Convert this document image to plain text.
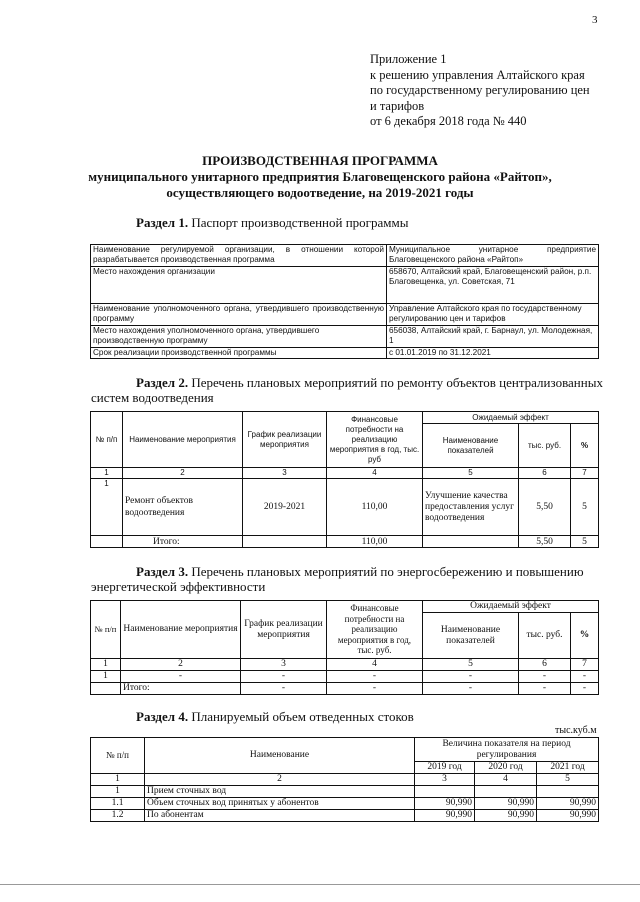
3
Приложение 1
к решению управления Алтайского края
по государственному регулированию цен
и тарифов
от 6 декабря 2018 года № 440
ПРОИЗВОДСТВЕННАЯ ПРОГРАММА
муниципального унитарного предприятия Благовещенского района «Райтоп»,
осуществляющего водоотведение, на 2019-2021 годы
Раздел 1. Паспорт производственной программы
Наименование регулируемой организации, в отношении которой разрабатывается производственная программа	Муниципальное унитарное предприятие Благовещенского района «Райтоп»
Место нахождения организации	658670, Алтайский край, Благовещенский район, р.п. Благовещенка, ул. Советская, 71
Наименование уполномоченного органа, утвердившего производственную программу	Управление Алтайского края по государственному регулированию цен и тарифов
Место нахождения уполномоченного органа, утвердившего производственную программу	656038, Алтайский край, г. Барнаул, ул. Молодежная, 1
Срок реализации производственной программы	с 01.01.2019 по 31.12.2021
Раздел 2. Перечень плановых мероприятий по ремонту объектов централизованных
систем водоотведения
№ п/п	Наименование мероприятия	График реализации мероприятия	Финансовые потребности на реализацию мероприятия в год, тыс. руб	Ожидаемый эффект		
				Наименование показателей	тыс. руб.	%
1	2	3	4	5	6	7
1	Ремонт объектов водоотведения	2019-2021	110,00	Улучшение качества предоставления услуг водоотведения	5,50	5
	Итого:		110,00		5,50	5
Раздел 3. Перечень плановых мероприятий по энергосбережению и повышению
энергетической эффективности
№ п/п	Наименование мероприятия	График реализации мероприятия	Финансовые потребности на реализацию мероприятия в год, тыс. руб.	Ожидаемый эффект		
				Наименование показателей	тыс. руб.	%
1	2	3	4	5	6	7
1	-	-	-	-	-	-
	Итого:	-	-	-	-	-
Раздел 4. Планируемый объем отведенных стоков
тыс.куб.м
№ п/п	Наименование	Величина показателя на период регулирования		
		2019 год	2020 год	2021 год
1	2	3	4	5
1	Прием сточных вод			
1.1	Объем сточных вод принятых у абонентов	90,990	90,990	90,990
1.2	По абонентам	90,990	90,990	90,990
